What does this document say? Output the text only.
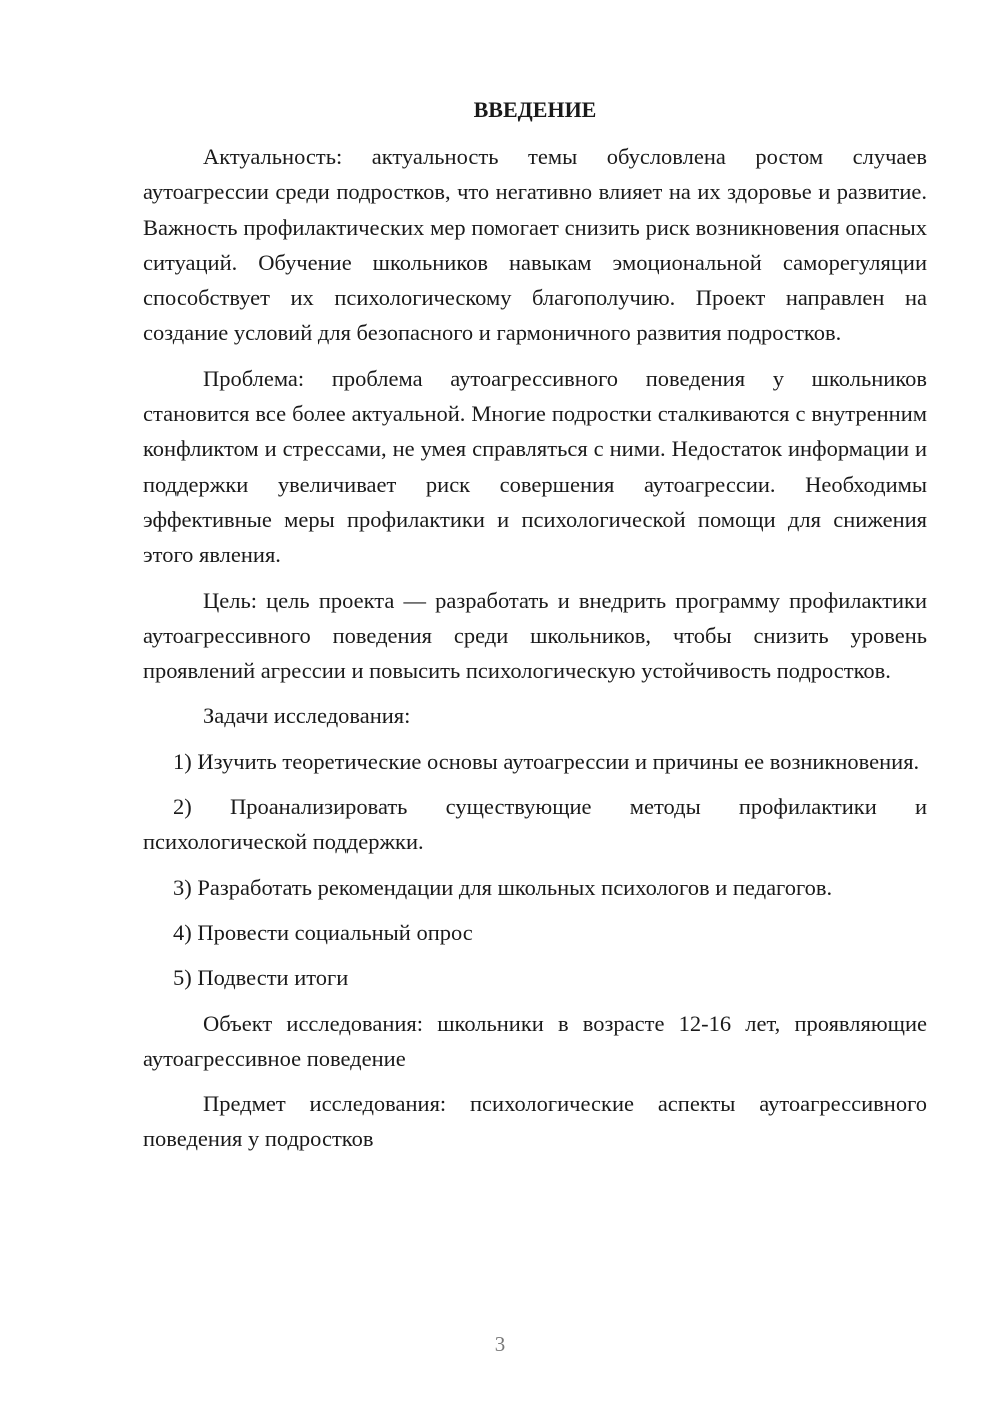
ВВЕДЕНИЕ

Актуальность: актуальность темы обусловлена ростом случаев аутоагрессии среди подростков, что негативно влияет на их здоровье и развитие. Важность профилактических мер помогает снизить риск возникновения опасных ситуаций. Обучение школьников навыкам эмоциональной саморегуляции способствует их психологическому благополучию. Проект направлен на создание условий для безопасного и гармоничного развития подростков.

Проблема: проблема аутоагрессивного поведения у школьников становится все более актуальной. Многие подростки сталкиваются с внутренним конфликтом и стрессами, не умея справляться с ними. Недостаток информации и поддержки увеличивает риск совершения аутоагрессии. Необходимы эффективные меры профилактики и психологической помощи для снижения этого явления.

Цель: цель проекта — разработать и внедрить программу профилактики аутоагрессивного поведения среди школьников, чтобы снизить уровень проявлений агрессии и повысить психологическую устойчивость подростков.

Задачи исследования:

1) Изучить теоретические основы аутоагрессии и причины ее возникновения.

2) Проанализировать существующие методы профилактики и психологической поддержки.

3) Разработать рекомендации для школьных психологов и педагогов.

4) Провести социальный опрос

5) Подвести итоги

Объект исследования: школьники в возрасте 12-16 лет, проявляющие аутоагрессивное поведение

Предмет исследования: психологические аспекты аутоагрессивного поведения у подростков

3
